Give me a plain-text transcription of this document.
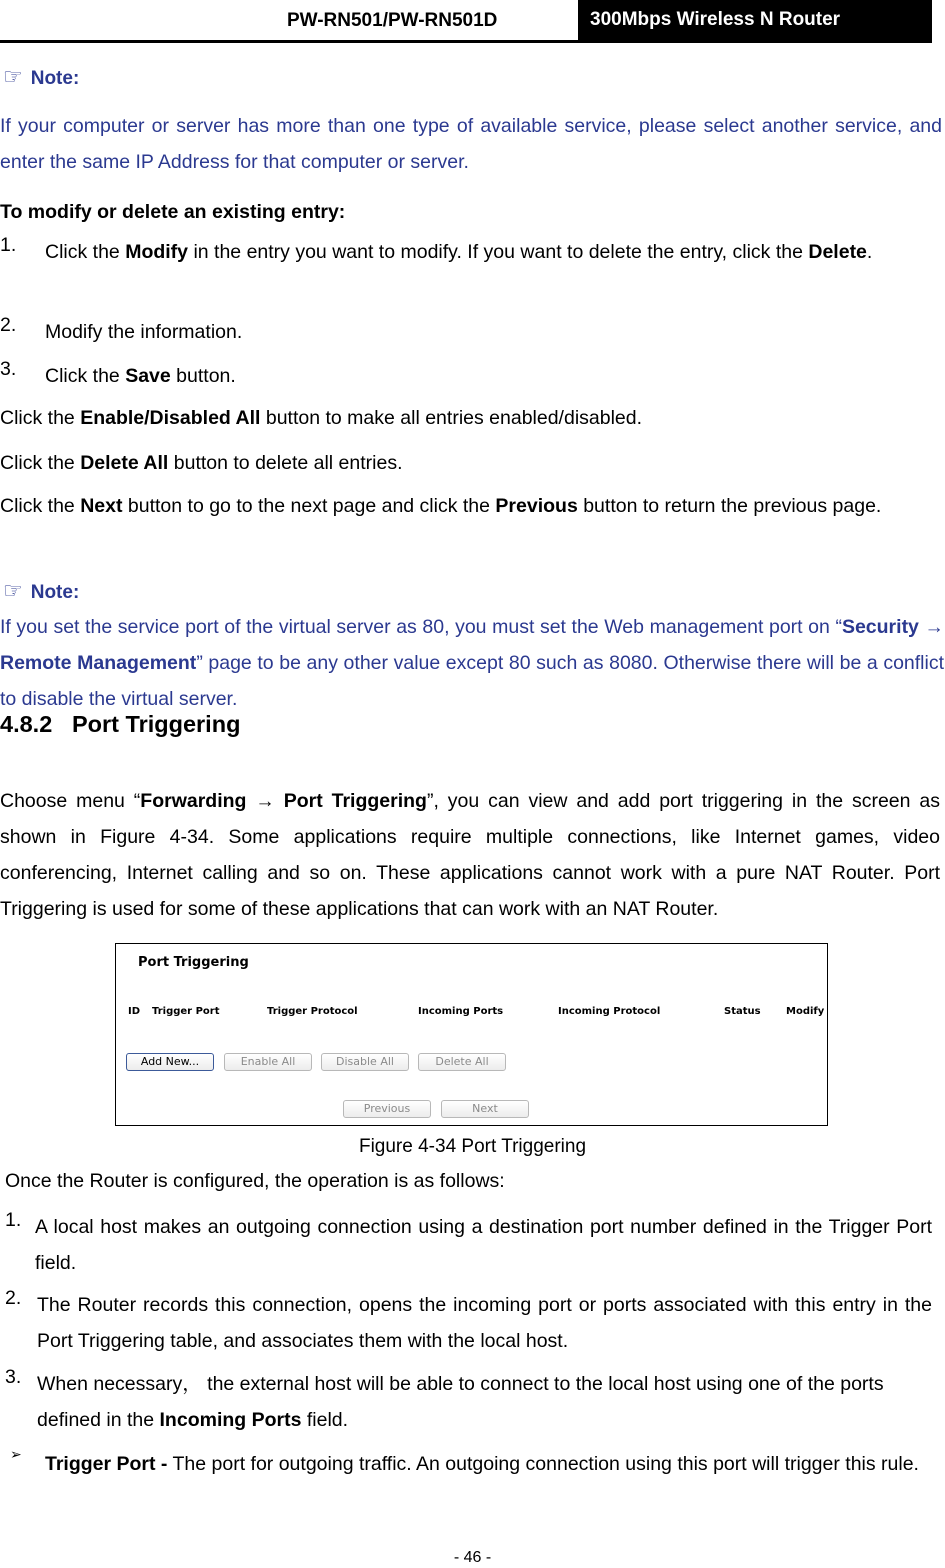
PW-RN501/PW-RN501D	300Mbps Wireless N Router
☞ Note:
If your computer or server has more than one type of available service, please select another service, and enter the same IP Address for that computer or server.
To modify or delete an existing entry:
1. Click the Modify in the entry you want to modify. If you want to delete the entry, click the Delete.
2. Modify the information.
3. Click the Save button.
Click the Enable/Disabled All button to make all entries enabled/disabled.
Click the Delete All button to delete all entries.
Click the Next button to go to the next page and click the Previous button to return the previous page.
☞ Note:
If you set the service port of the virtual server as 80, you must set the Web management port on “Security → Remote Management” page to be any other value except 80 such as 8080. Otherwise there will be a conflict to disable the virtual server.
4.8.2 Port Triggering
Choose menu “Forwarding → Port Triggering”, you can view and add port triggering in the screen as shown in Figure 4-34. Some applications require multiple connections, like Internet games, video conferencing, Internet calling and so on. These applications cannot work with a pure NAT Router. Port Triggering is used for some of these applications that can work with an NAT Router.
Port Triggering
ID Trigger Port	Trigger Protocol	Incoming Ports	Incoming Protocol	Status	Modify
Add New...	Enable All	Disable All	Delete All
Previous	Next
Figure 4-34 Port Triggering
Once the Router is configured, the operation is as follows:
1. A local host makes an outgoing connection using a destination port number defined in the Trigger Port field.
2. The Router records this connection, opens the incoming port or ports associated with this entry in the Port Triggering table, and associates them with the local host.
3. When necessary， the external host will be able to connect to the local host using one of the ports defined in the Incoming Ports field.
➢ Trigger Port - The port for outgoing traffic. An outgoing connection using this port will trigger this rule.
- 46 -
